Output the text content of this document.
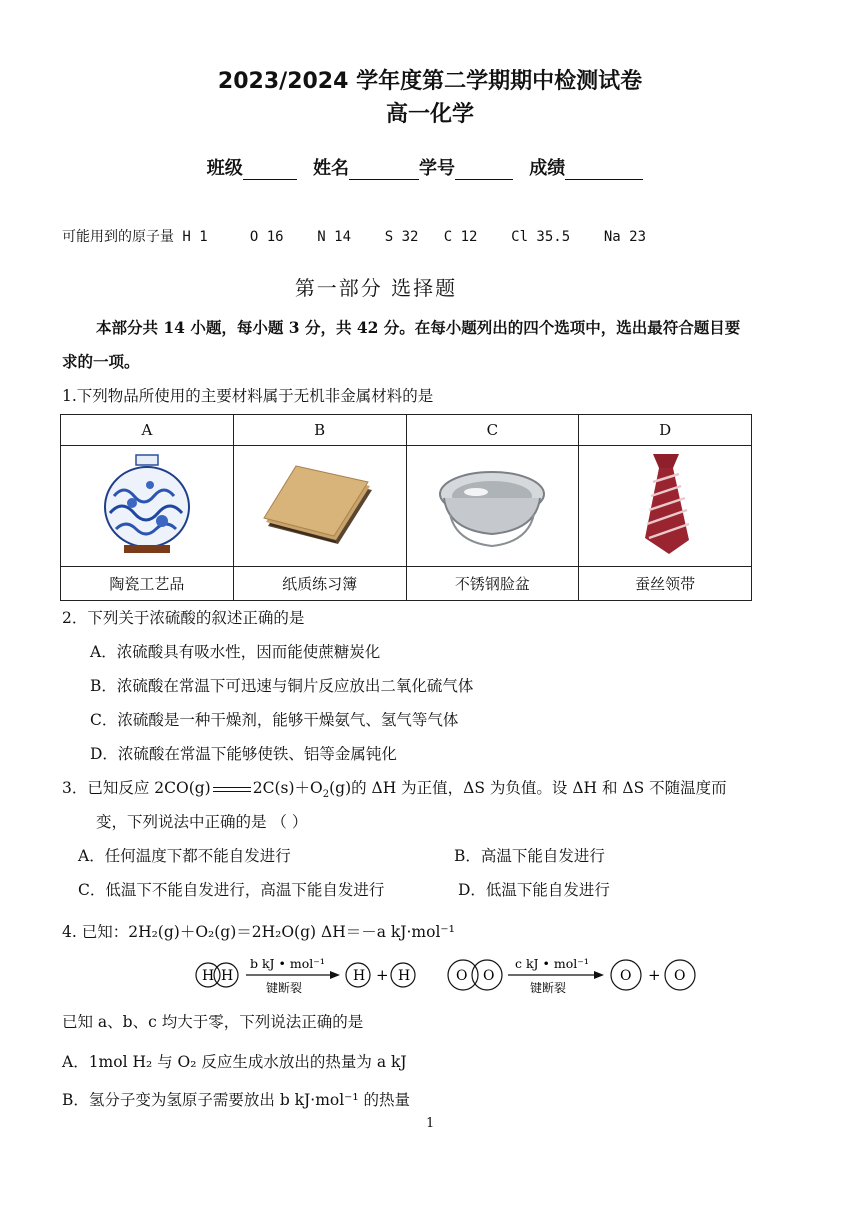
2023/2024 学年度第二学期期中检测试卷
高一化学
班级	姓名	学号	成绩
可能用到的原子量 H 1     O 16    N 14    S 32   C 12    Cl 35.5    Na 23
第一部分 选择题
本部分共 14 小题，每小题 3 分，共 42 分。在每小题列出的四个选项中，选出最符合题目要
求的一项。
1.下列物品所使用的主要材料属于无机非金属材料的是
A	B	C	D

陶瓷工艺品	纸质练习簿	不锈钢脸盆	蚕丝领带
2．下列关于浓硫酸的叙述正确的是
A．浓硫酸具有吸水性，因而能使蔗糖炭化
B．浓硫酸在常温下可迅速与铜片反应放出二氧化硫气体
C．浓硫酸是一种干燥剂，能够干燥氨气、氢气等气体
D．浓硫酸在常温下能够使铁、铝等金属钝化
3．已知反应 2CO(g)	$2C(s)+O_2(g)$的 ΔH 为正值，ΔS 为负值。设 ΔH 和 ΔS 不随温度而
变，下列说法中正确的是 （ ）
A．任何温度下都不能自发进行	B．高温下能自发进行
C．低温下不能自发进行，高温下能自发进行	D．低温下能自发进行
4. 已知：2H₂(g)＋O₂(g)＝2H₂O(g) ΔH＝－a kJ·mol⁻¹
H H
b kJ • mol⁻¹
键断裂
H + H	O O
c kJ • mol⁻¹
键断裂
O + O
已知 a、b、c 均大于零，下列说法正确的是
A．1mol H₂ 与 O₂ 反应生成水放出的热量为 a kJ
B．氢分子变为氢原子需要放出 b kJ·mol⁻¹ 的热量
1
